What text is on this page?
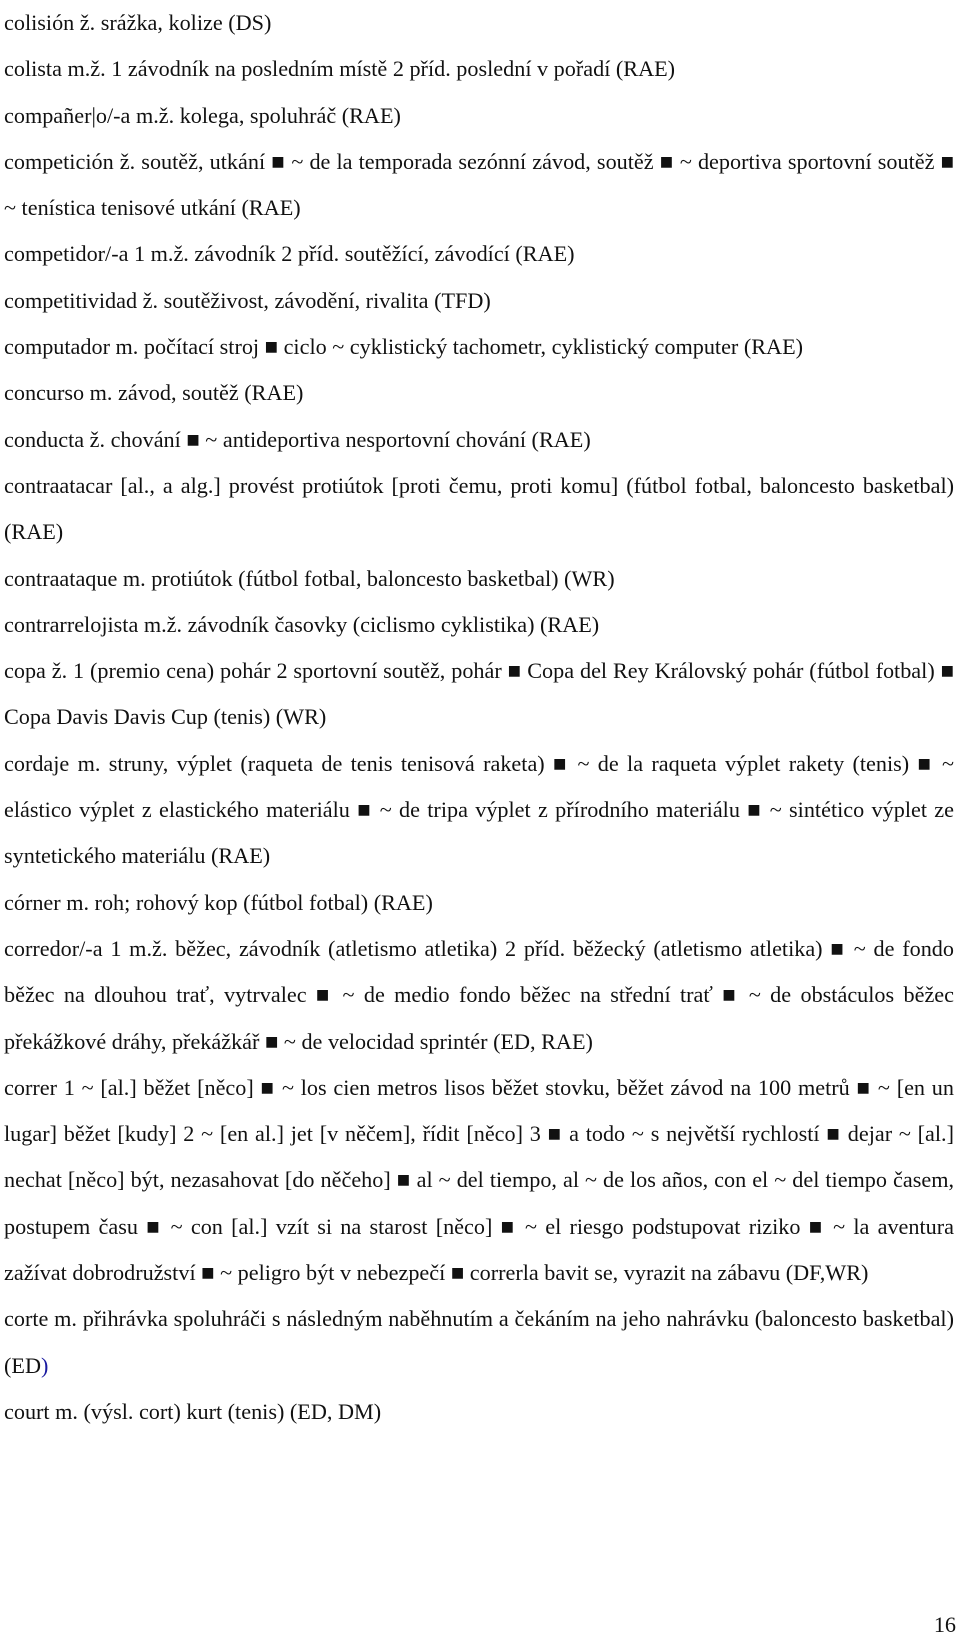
colisión ž. srážka, kolize (DS)

colista m.ž. 1 závodník na posledním místě 2 příd. poslední v pořadí (RAE)

compañer|o/-a m.ž. kolega, spoluhráč (RAE)

competición ž. soutěž, utkání ■ ~ de la temporada sezónní závod, soutěž ■ ~ deportiva sportovní soutěž ■ ~ tenística tenisové utkání (RAE)

competidor/-a 1 m.ž. závodník 2 příd. soutěžící, závodící (RAE)

competitividad ž. soutěživost, závodění, rivalita (TFD)

computador m. počítací stroj ■ ciclo ~ cyklistický tachometr, cyklistický computer (RAE)

concurso m. závod, soutěž (RAE)

conducta ž. chování ■ ~ antideportiva nesportovní chování (RAE)

contraatacar [al., a alg.] provést protiútok [proti čemu, proti komu] (fútbol fotbal, baloncesto basketbal) (RAE)

contraataque m. protiútok (fútbol fotbal, baloncesto basketbal) (WR)

contrarrelojista m.ž. závodník časovky (ciclismo cyklistika) (RAE)

copa ž. 1 (premio cena) pohár 2 sportovní soutěž, pohár ■ Copa del Rey Královský pohár (fútbol fotbal) ■ Copa Davis Davis Cup (tenis) (WR)

cordaje m. struny, výplet (raqueta de tenis tenisová raketa) ■ ~ de la raqueta výplet rakety (tenis) ■ ~ elástico výplet z elastického materiálu ■ ~ de tripa výplet z přírodního materiálu ■ ~ sintético výplet ze syntetického materiálu (RAE)

córner m. roh; rohový kop (fútbol fotbal) (RAE)

corredor/-a 1 m.ž. běžec, závodník (atletismo atletika) 2 příd. běžecký (atletismo atletika) ■ ~ de fondo běžec na dlouhou trať, vytrvalec ■ ~ de medio fondo běžec na střední trať ■ ~ de obstáculos běžec překážkové dráhy, překážkář ■ ~ de velocidad sprintér (ED, RAE)

correr 1 ~ [al.] běžet [něco] ■ ~ los cien metros lisos běžet stovku, běžet závod na 100 metrů ■ ~ [en un lugar] běžet [kudy] 2 ~ [en al.] jet [v něčem], řídit [něco] 3 ■ a todo ~ s největší rychlostí ■ dejar ~ [al.] nechat [něco] být, nezasahovat [do něčeho] ■ al ~ del tiempo, al ~ de los años, con el ~ del tiempo časem, postupem času ■ ~ con [al.] vzít si na starost [něco] ■ ~ el riesgo podstupovat riziko ■ ~ la aventura zažívat dobrodružství ■ ~ peligro být v nebezpečí ■ correrla bavit se, vyrazit na zábavu (DF,WR)

corte m. přihrávka spoluhráči s následným naběhnutím a čekáním na jeho nahrávku (baloncesto basketbal) (ED)

court m. (výsl. cort) kurt (tenis) (ED, DM)

16
